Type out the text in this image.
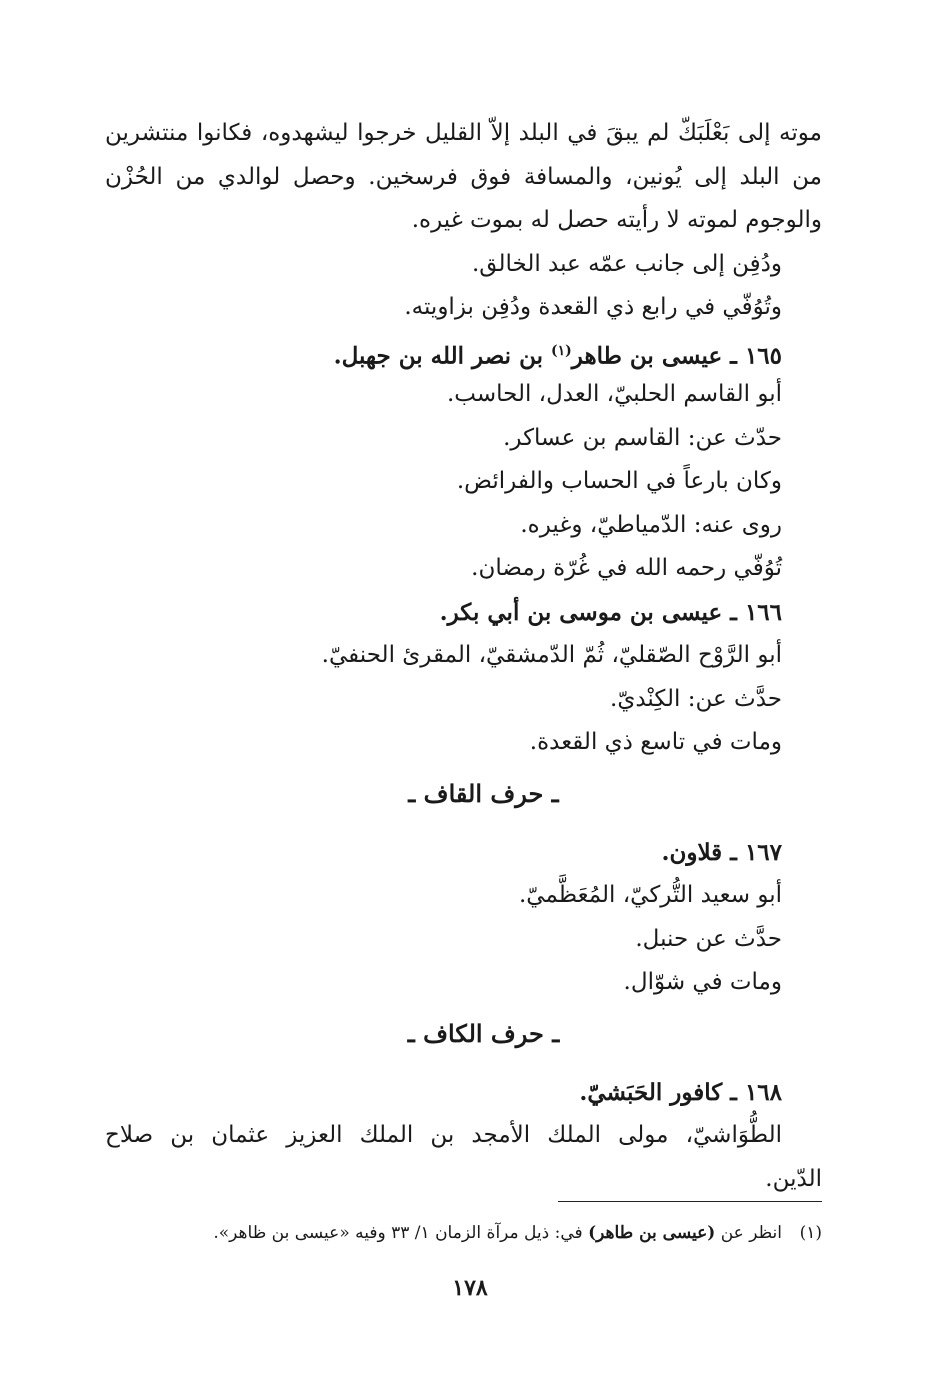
موته إلى بَعْلَبَكّ لم يبقَ في البلد إلاّ القليل خرجوا ليشهدوه، فكانوا منتشرين
من البلد إلى يُونين، والمسافة فوق فرسخين. وحصل لوالدي من الحُزْن
والوجوم لموته لا رأيته حصل له بموت غيره.
ودُفِن إلى جانب عمّه عبد الخالق.
وتُوُفّي في رابع ذي القعدة ودُفِن بزاويته.
١٦٥ ـ عيسى بن طاهر$^{(١)}$ بن نصر الله بن جهبل.
أبو القاسم الحلبيّ، العدل، الحاسب.
حدّث عن: القاسم بن عساكر.
وكان بارعاً في الحساب والفرائض.
روى عنه: الدّمياطيّ، وغيره.
تُوُفّي رحمه الله في غُرّة رمضان.
١٦٦ ـ عيسى بن موسى بن أبي بكر.
أبو الرَّوْح الصّقليّ، ثُمّ الدّمشقيّ، المقرئ الحنفيّ.
حدَّث عن: الكِنْديّ.
ومات في تاسع ذي القعدة.
ـ حرف القاف ـ
١٦٧ ـ قلاون.
أبو سعيد التُّركيّ، المُعَظَّميّ.
حدَّث عن حنبل.
ومات في شوّال.
ـ حرف الكاف ـ
١٦٨ ـ كافور الحَبَشيّ.
الطُّوَاشيّ، مولى الملك الأمجد بن الملك العزيز عثمان بن صلاح
الدّين.
(١)انظر عن (عيسى بن طاهر) في: ذيل مرآة الزمان ١/ ٣٣ وفيه «عيسى بن ظاهر».
١٧٨
